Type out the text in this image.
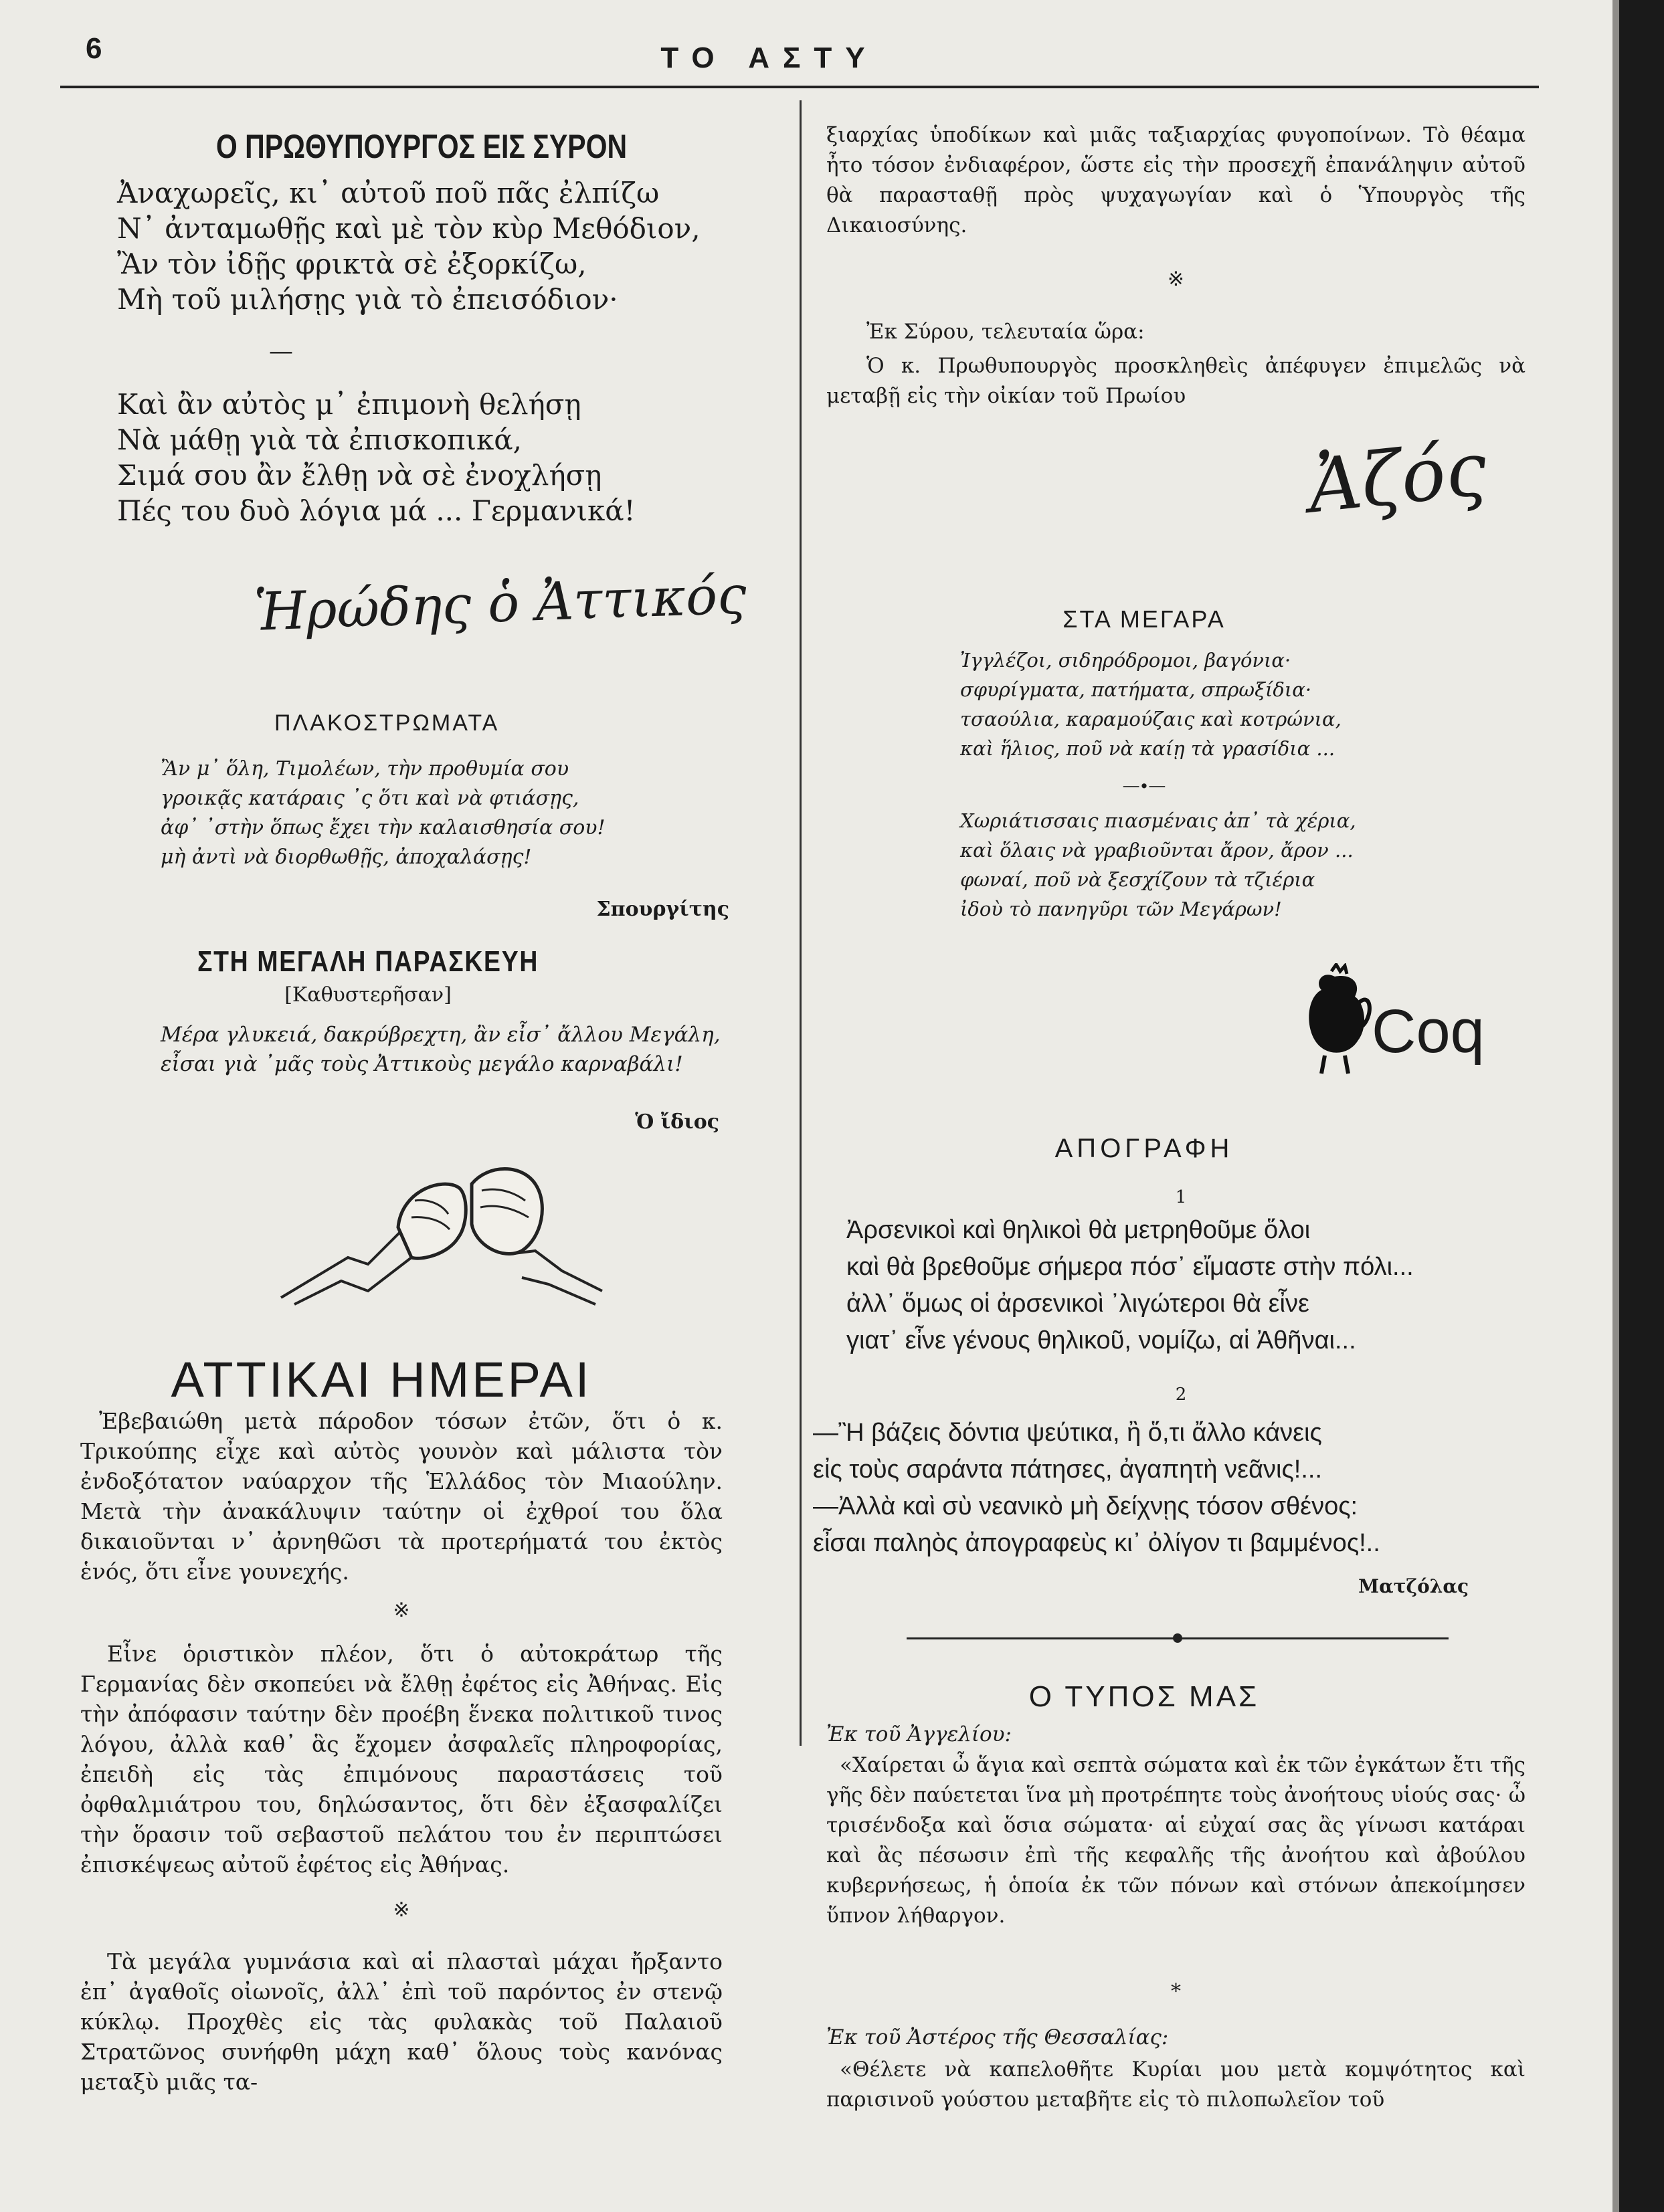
6	ΤΟ ΑΣΤΥ
Ο ΠΡΩΘΥΠΟΥΡΓΟΣ ΕΙΣ ΣΥΡΟΝ

Ἀναχωρεῖς, κι᾽ αὐτοῦ ποῦ πᾶς ἐλπίζω

Ν᾽ ἀνταμωθῇς καὶ μὲ τὸν κὺρ Μεθόδιον,

Ἂν τὸν ἰδῇς φρικτὰ σὲ ἐξορκίζω,

Μὴ τοῦ μιλήσῃς γιὰ τὸ ἐπεισόδιον·

—

Καὶ ἂν αὐτὸς μ᾽ ἐπιμονὴ θελήσῃ

Νὰ μάθῃ γιὰ τὰ ἐπισκοπικά,

Σιμά σου ἂν ἔλθῃ νὰ σὲ ἐνοχλήσῃ

Πές του δυὸ λόγια μά ... Γερμανικά!

Ἡρώδης ὁ Ἀττικός
ΠΛΑΚΟΣΤΡΩΜΑΤΑ

Ἂν μ᾽ ὅλη, Τιμολέων, τὴν προθυμία σου

γροικᾷς κατάραις ᾽ς ὅτι καὶ νὰ φτιάσῃς,

ἀφ᾽ ᾽στὴν ὅπως ἔχει τὴν καλαισθησία σου!

μὴ ἀντὶ νὰ διορθωθῇς, ἀποχαλάσῃς!

Σπουργίτης
ΣΤΗ ΜΕΓΑΛΗ ΠΑΡΑΣΚΕΥΗ
[Καθυστερῆσαν]

Μέρα γλυκειά, δακρύβρεχτη, ἂν εἶσ᾽ ἄλλου Μεγάλη,

εἶσαι γιὰ ᾽μᾶς τοὺς Ἀττικοὺς μεγάλο καρναβάλι!

Ὁ ἴδιος
ΑΤΤΙΚΑΙ ΗΜΕΡΑΙ

Ἐβεβαιώθη μετὰ πάροδον τόσων ἐτῶν, ὅτι ὁ κ. Τρικούπης εἶχε καὶ αὐτὸς γουνὸν καὶ μάλιστα τὸν ἐνδοξότατον ναύαρχον τῆς Ἑλλάδος τὸν Μιαούλην. Μετὰ τὴν ἀνακάλυψιν ταύτην οἱ ἐχθροί του ὅλα δικαιοῦνται ν᾽ ἀρνηθῶσι τὰ προτερήματά του ἐκτὸς ἑνός, ὅτι εἶνε γουνεχής.

※

Εἶνε ὁριστικὸν πλέον, ὅτι ὁ αὐτοκράτωρ τῆς Γερμανίας δὲν σκοπεύει νὰ ἔλθῃ ἐφέτος εἰς Ἀθήνας. Εἰς τὴν ἀπόφασιν ταύτην δὲν προέβη ἕνεκα πολιτικοῦ τινος λόγου, ἀλλὰ καθ᾽ ἃς ἔχομεν ἀσφαλεῖς πληροφορίας, ἐπειδὴ εἰς τὰς ἐπιμόνους παραστάσεις τοῦ ὀφθαλμιάτρου του, δηλώσαντος, ὅτι δὲν ἐξασφαλίζει τὴν ὅρασιν τοῦ σεβαστοῦ πελάτου του ἐν περιπτώσει ἐπισκέψεως αὐτοῦ ἐφέτος εἰς Ἀθήνας.

※

Τὰ μεγάλα γυμνάσια καὶ αἱ πλασταὶ μάχαι ἤρξαντο ἐπ᾽ ἀγαθοῖς οἰωνοῖς, ἀλλ᾽ ἐπὶ τοῦ παρόντος ἐν στενῷ κύκλῳ. Προχθὲς εἰς τὰς φυλακὰς τοῦ Παλαιοῦ Στρατῶνος συνήφθη μάχη καθ᾽ ὅλους τοὺς κανόνας μεταξὺ μιᾶς τα-

ξιαρχίας ὑποδίκων καὶ μιᾶς ταξιαρχίας φυγοποίνων. Τὸ θέαμα ἦτο τόσον ἐνδιαφέρον, ὥστε εἰς τὴν προσεχῆ ἐπανάληψιν αὐτοῦ θὰ παρασταθῇ πρὸς ψυχαγωγίαν καὶ ὁ Ὑπουργὸς τῆς Δικαιοσύνης.

※

Ἐκ Σύρου, τελευταία ὥρα:

Ὁ κ. Πρωθυπουργὸς προσκληθεὶς ἀπέφυγεν ἐπιμελῶς νὰ μεταβῇ εἰς τὴν οἰκίαν τοῦ Πρωίου

Ἀζός
ΣΤΑ ΜΕΓΑΡΑ

Ἰγγλέζοι, σιδηρόδρομοι, βαγόνια·

σφυρίγματα, πατήματα, σπρωξίδια·

τσαούλια, καραμούζαις καὶ κοτρώνια,

καὶ ἥλιος, ποῦ νὰ καίῃ τὰ γρασίδια ...

—∙—

Χωριάτισσαις πιασμέναις ἀπ᾽ τὰ χέρια,

καὶ ὅλαις νὰ γραβιοῦνται ἄρον, ἄρον ...

φωναί, ποῦ νὰ ξεσχίζουν τὰ τζιέρια

ἰδοὺ τὸ πανηγῦρι τῶν Μεγάρων!

Coq
ΑΠΟΓΡΑΦΗ
1

Ἀρσενικοὶ καὶ θηλικοὶ θὰ μετρηθοῦμε ὅλοι

καὶ θὰ βρεθοῦμε σήμερα πόσ᾽ εἴμαστε στὴν πόλι...

ἀλλ᾽ ὅμως οἱ ἀρσενικοὶ ᾽λιγώτεροι θὰ εἶνε

γιατ᾽ εἶνε γένους θηλικοῦ, νομίζω, αἱ Ἀθῆναι...

2

—Ἢ βάζεις δόντια ψεύτικα, ἢ ὅ,τι ἄλλο κάνεις

εἰς τοὺς σαράντα πάτησες, ἀγαπητὴ νεᾶνις!...

—Ἀλλὰ καὶ σὺ νεανικὸ μὴ δείχνῃς τόσον σθένος:

εἶσαι παληὸς ἀπογραφεὺς κι᾽ ὀλίγον τι βαμμένος!..

Ματζόλας
Ο ΤΥΠΟΣ ΜΑΣ

Ἐκ τοῦ Ἀγγελίου:

«Χαίρεται ὦ ἅγια καὶ σεπτὰ σώματα καὶ ἐκ τῶν ἐγκάτων ἔτι τῆς γῆς δὲν παύετεται ἵνα μὴ προτρέπητε τοὺς ἀνοήτους υἱούς σας· ὦ τρισένδοξα καὶ ὅσια σώματα· αἱ εὐχαί σας ἂς γίνωσι κατάραι καὶ ἂς πέσωσιν ἐπὶ τῆς κεφαλῆς τῆς ἀνοήτου καὶ ἀβούλου κυβερνήσεως, ἡ ὁποία ἐκ τῶν πόνων καὶ στόνων ἀπεκοίμησεν ὕπνον λήθαργον.

*

Ἐκ τοῦ Ἀστέρος τῆς Θεσσαλίας:

«Θέλετε νὰ καπελοθῆτε Κυρίαι μου μετὰ κομψότητος καὶ παρισινοῦ γούστου μεταβῆτε εἰς τὸ πιλοπωλεῖον τοῦ
